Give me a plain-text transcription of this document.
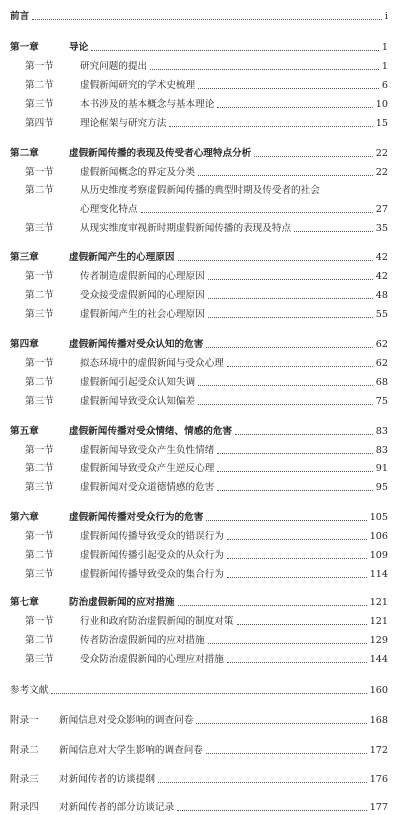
前言	i
第一章	导论	1
第一节	研究问题的提出	1
第二节	虚假新闻研究的学术史梳理	6
第三节	本书涉及的基本概念与基本理论	10
第四节	理论框架与研究方法	15
第二章	虚假新闻传播的表现及传受者心理特点分析	22
第一节	虚假新闻概念的界定及分类	22
第二节	从历史维度考察虚假新闻传播的典型时期及传受者的社会
心理变化特点	27
第三节	从现实维度审视新时期虚假新闻传播的表现及特点	35
第三章	虚假新闻产生的心理原因	42
第一节	传者制造虚假新闻的心理原因	42
第二节	受众接受虚假新闻的心理原因	48
第三节	虚假新闻产生的社会心理原因	55
第四章	虚假新闻传播对受众认知的危害	62
第一节	拟态环境中的虚假新闻与受众心理	62
第二节	虚假新闻引起受众认知失调	68
第三节	虚假新闻导致受众认知偏差	75
第五章	虚假新闻传播对受众情绪、情感的危害	83
第一节	虚假新闻导致受众产生负性情绪	83
第二节	虚假新闻导致受众产生逆反心理	91
第三节	虚假新闻对受众道德情感的危害	95
第六章	虚假新闻传播对受众行为的危害	105
第一节	虚假新闻传播导致受众的错误行为	106
第二节	虚假新闻传播引起受众的从众行为	109
第三节	虚假新闻传播导致受众的集合行为	114
第七章	防治虚假新闻的应对措施	121
第一节	行业和政府防治虚假新闻的制度对策	121
第二节	传者防治虚假新闻的应对措施	129
第三节	受众防治虚假新闻的心理应对措施	144
参考文献	160
附录一	新闻信息对受众影响的调查问卷	168
附录二	新闻信息对大学生影响的调查问卷	172
附录三	对新闻传者的访谈提纲	176
附录四	对新闻传者的部分访谈记录	177
